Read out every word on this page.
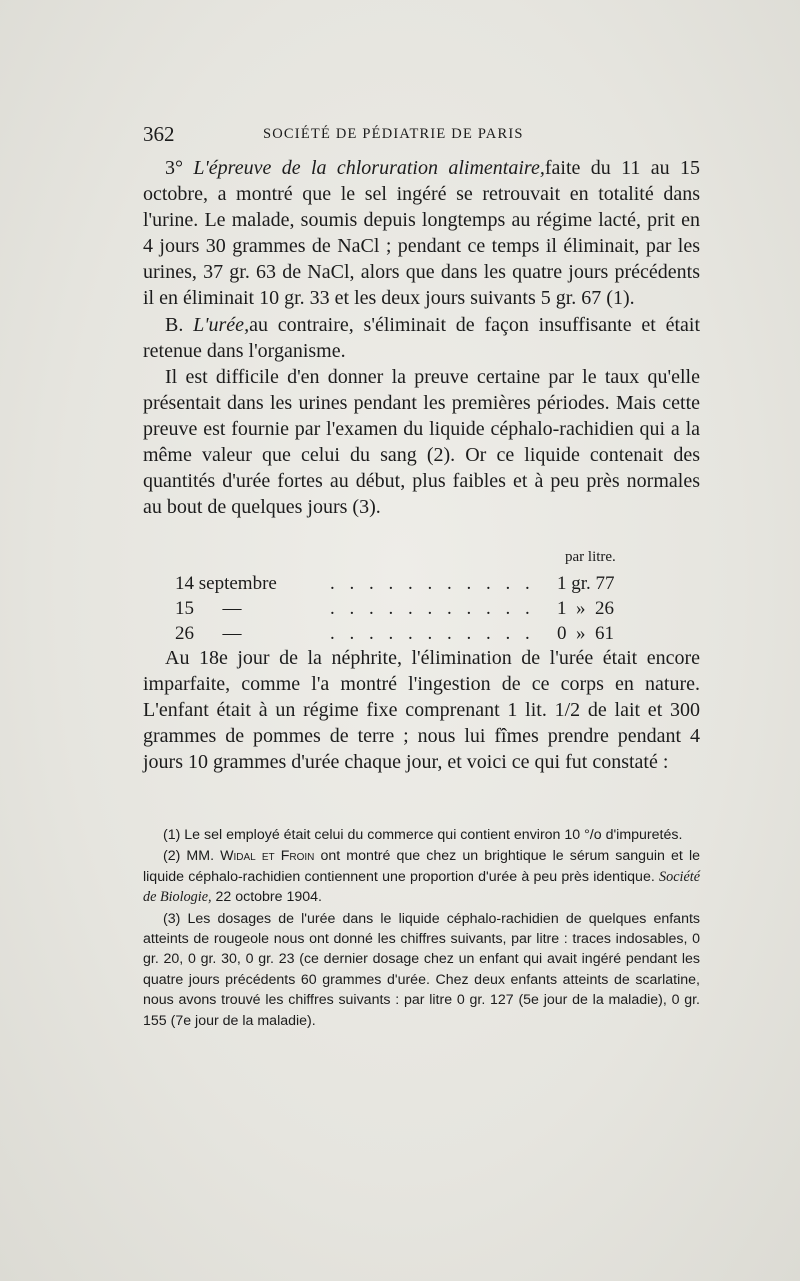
362	SOCIÉTÉ DE PÉDIATRIE DE PARIS

3° L'épreuve de la chloruration alimentaire,faite du 11 au 15 octobre, a montré que le sel ingéré se retrouvait en totalité dans l'urine. Le malade, soumis depuis longtemps au régime lacté, prit en 4 jours 30 grammes de NaCl ; pendant ce temps il éliminait, par les urines, 37 gr. 63 de NaCl, alors que dans les quatre jours précédents il en éliminait 10 gr. 33 et les deux jours suivants 5 gr. 67 (1).

B. L'urée,au contraire, s'éliminait de façon insuffisante et était retenue dans l'organisme.

Il est difficile d'en donner la preuve certaine par le taux qu'elle présentait dans les urines pendant les premières périodes. Mais cette preuve est fournie par l'examen du liquide céphalo-rachidien qui a la même valeur que celui du sang (2). Or ce liquide contenait des quantités d'urée fortes au début, plus faibles et à peu près normales au bout de quelques jours (3).

par litre.
14 septembre	. . . . . . . . . . . 1 gr. 77
15      —	. . . . . . . . . . . 1  »  26
26      —	. . . . . . . . . . . 0  »  61

Au 18e jour de la néphrite, l'élimination de l'urée était encore imparfaite, comme l'a montré l'ingestion de ce corps en nature. L'enfant était à un régime fixe comprenant 1 lit. 1/2 de lait et 300 grammes de pommes de terre ; nous lui fîmes prendre pendant 4 jours 10 grammes d'urée chaque jour, et voici ce qui fut constaté :

(1) Le sel employé était celui du commerce qui contient environ 10 °/o d'impuretés.

(2) MM. Widal et Froin ont montré que chez un brightique le sérum sanguin et le liquide céphalo-rachidien contiennent une proportion d'urée à peu près identique. Société de Biologie, 22 octobre 1904.

(3) Les dosages de l'urée dans le liquide céphalo-rachidien de quelques enfants atteints de rougeole nous ont donné les chiffres suivants, par litre : traces indosables, 0 gr. 20, 0 gr. 30, 0 gr. 23 (ce dernier dosage chez un enfant qui avait ingéré pendant les quatre jours précédents 60 grammes d'urée. Chez deux enfants atteints de scarlatine, nous avons trouvé les chiffres suivants : par litre 0 gr. 127 (5e jour de la maladie), 0 gr. 155 (7e jour de la maladie).
